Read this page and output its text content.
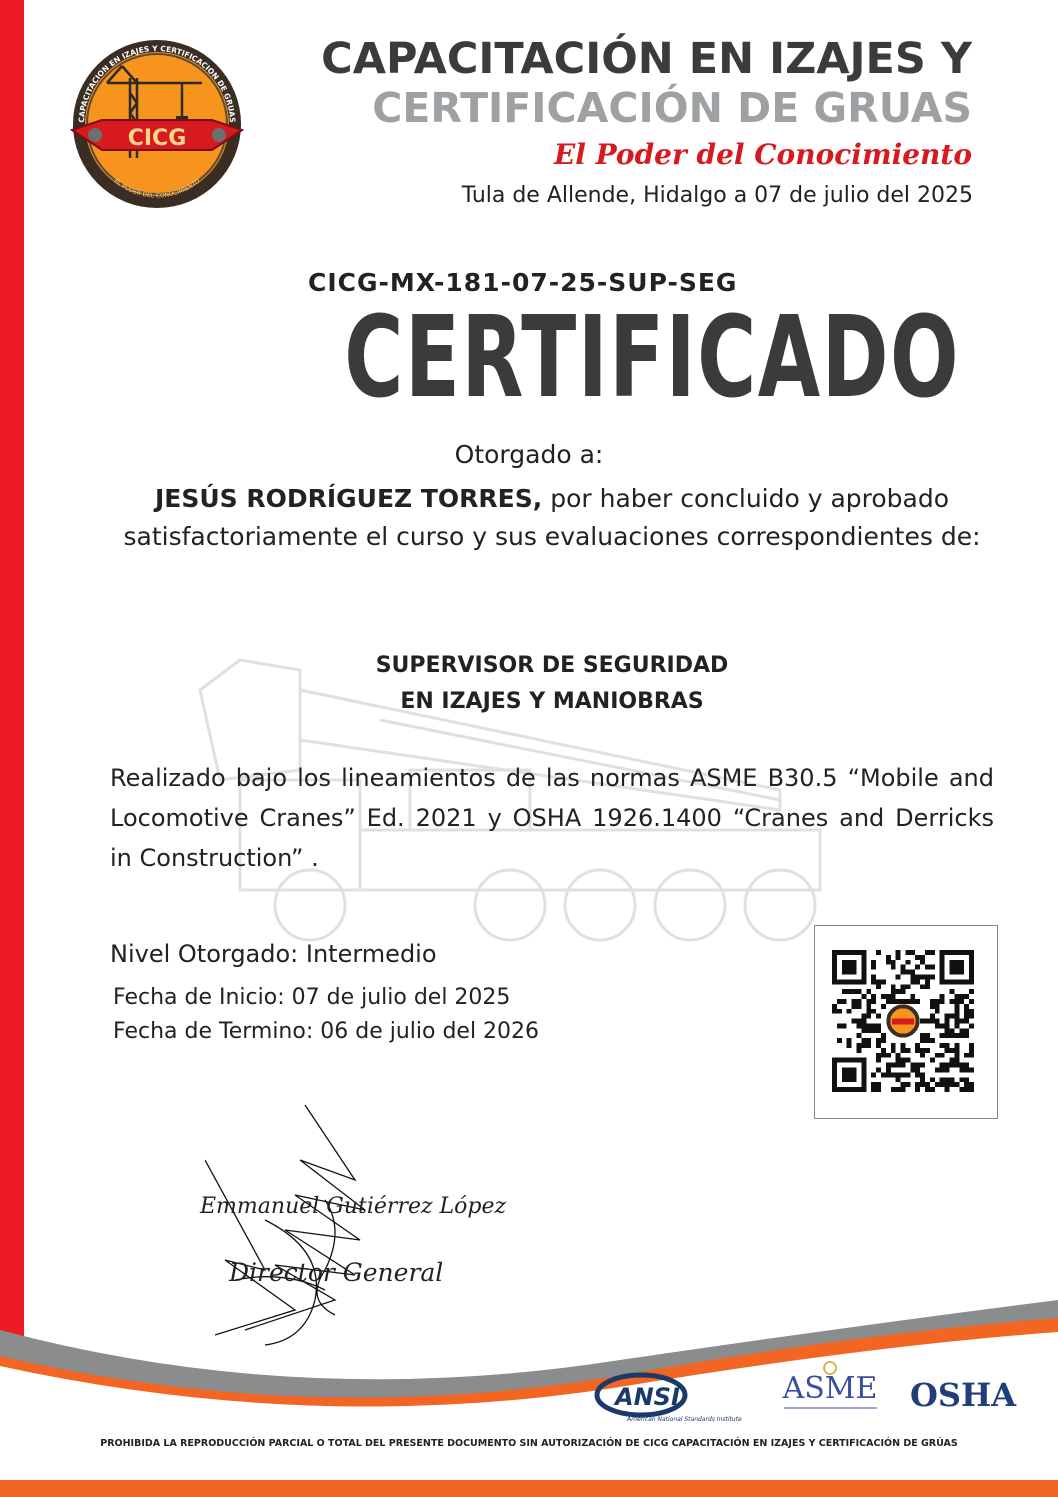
CICG
CAPACITACION EN IZAJES Y CERTIFICACION DE GRUAS
EL PODER DEL CONOCIMIENTO
CAPACITACIÓN EN IZAJES Y
CERTIFICACIÓN DE GRUAS
El Poder del Conocimiento
Tula de Allende, Hidalgo a 07 de julio del 2025
CICG-MX-181-07-25-SUP-SEG
CERTIFICADO
Otorgado a:
JESÚS RODRÍGUEZ TORRES, por haber concluido y aprobado satisfactoriamente el curso y sus evaluaciones correspondientes de:
SUPERVISOR DE SEGURIDAD
EN IZAJES Y MANIOBRAS
Realizado bajo los lineamientos de las normas ASME B30.5 “Mobile and Locomotive Cranes” Ed. 2021 y OSHA 1926.1400 “Cranes and Derricks in Construction” .
Nivel Otorgado: Intermedio
Fecha de Inicio: 07 de julio del 2025
Fecha de Termino: 06 de julio del 2026
Emmanuel Gutiérrez López
Director General
ANSI
American National Standards Institute
ASME OSHA
PROHIBIDA LA REPRODUCCIÓN PARCIAL O TOTAL DEL PRESENTE DOCUMENTO SIN AUTORIZACIÓN DE CICG CAPACITACIÓN EN IZAJES Y CERTIFICACIÓN DE GRÚAS
